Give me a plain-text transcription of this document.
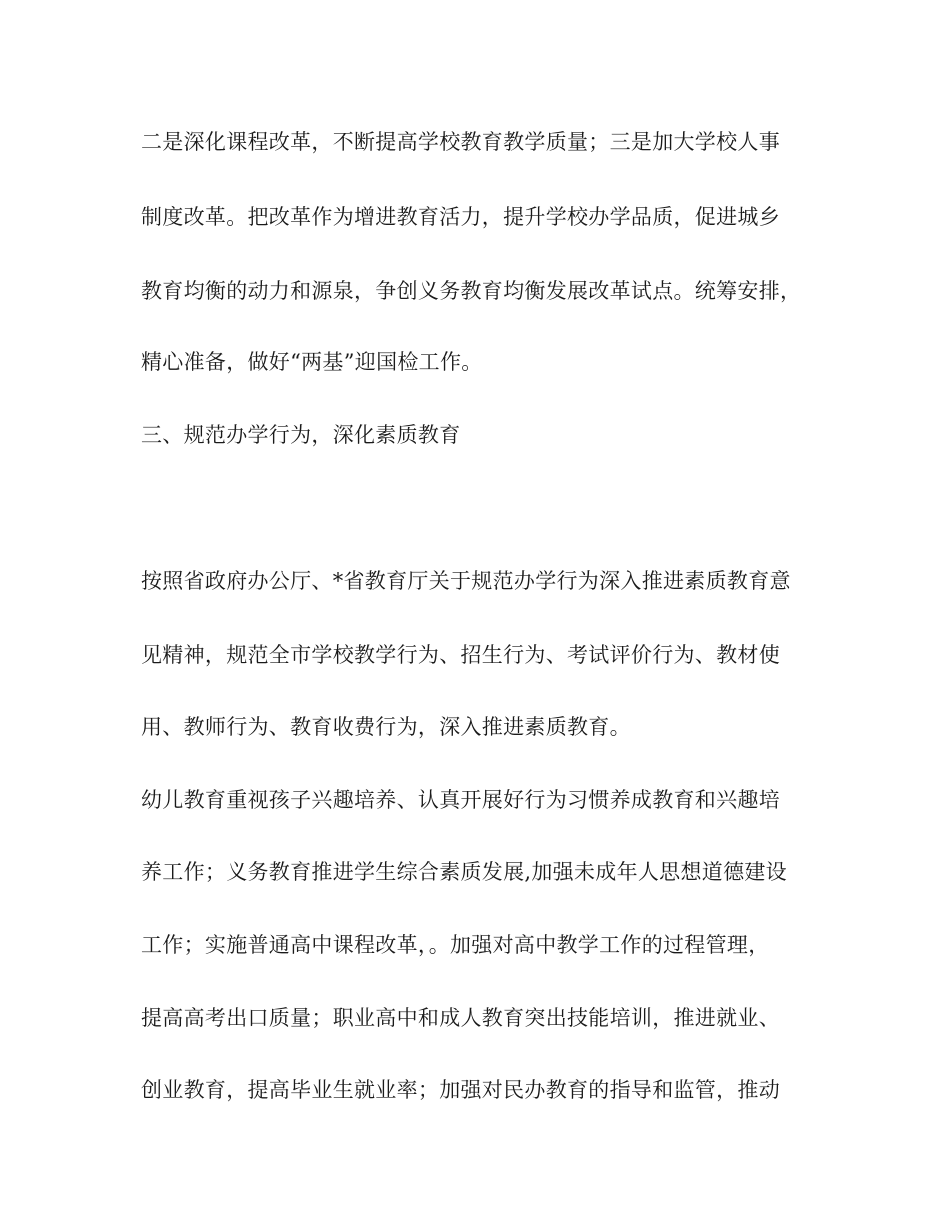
二是深化课程改革，不断提高学校教育教学质量；三是加大学校人事
制度改革。把改革作为增进教育活力，提升学校办学品质，促进城乡
教育均衡的动力和源泉，争创义务教育均衡发展改革试点。统筹安排，
精心准备，做好“两基”迎国检工作。
三、规范办学行为，深化素质教育
按照省政府办公厅、*省教育厅关于规范办学行为深入推进素质教育意
见精神，规范全市学校教学行为、招生行为、考试评价行为、教材使
用、教师行为、教育收费行为，深入推进素质教育。
幼儿教育重视孩子兴趣培养、认真开展好行为习惯养成教育和兴趣培
养工作；义务教育推进学生综合素质发展,加强未成年人思想道德建设
工作；实施普通高中课程改革，。加强对高中教学工作的过程管理，
提高高考出口质量；职业高中和成人教育突出技能培训，推进就业、
创业教育，提高毕业生就业率；加强对民办教育的指导和监管，推动
